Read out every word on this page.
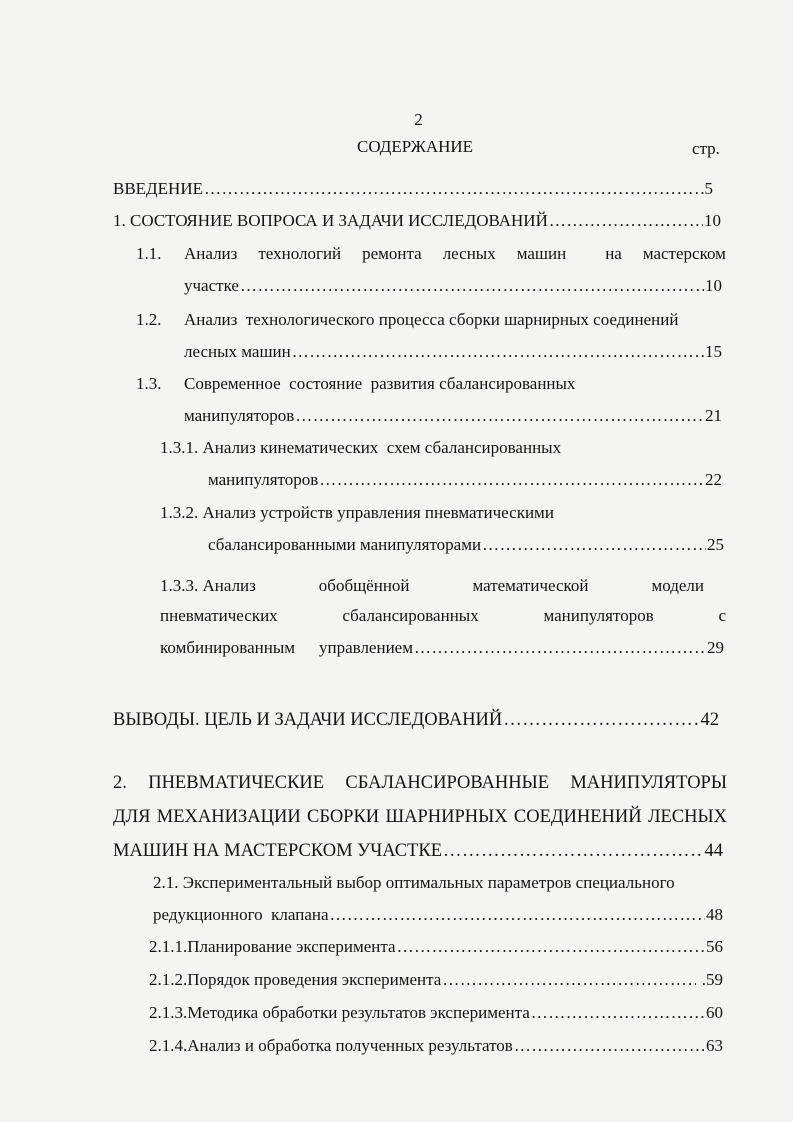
2
СОДЕРЖАНИЕ	стр.
ВВЕДЕНИЕ …………………………………………………………………………………………………………………………………………………………………………………………	5
1. СОСТОЯНИЕ ВОПРОСА И ЗАДАЧИ ИССЛЕДОВАНИЙ …………………………………………………………………………………………………………………………………………………………………………………………	10
1.1. Анализ технологий ремонта лесных машин на мастерском
участке …………………………………………………………………………………………………………………………………………………………………………………………	10
1.2. Анализ  технологического процесса сборки шарнирных соединений
лесных машин …………………………………………………………………………………………………………………………………………………………………………………………	15
1.3. Современное  состояние  развития сбалансированных
манипуляторов …………………………………………………………………………………………………………………………………………………………………………………………	21
1.3.1. Анализ кинематических  схем сбалансированных
манипуляторов …………………………………………………………………………………………………………………………………………………………………………………………	22
1.3.2. Анализ устройств управления пневматическими
сбалансированными манипуляторами …………………………………………………………………………………………………………………………………………………………………………………………	25
1.3.3. Анализ	обобщённой	математической	модели
пневматических	сбалансированных	манипуляторов	с
комбинированным управлением …………………………………………………………………………………………………………………………………………………………………………………………	29
ВЫВОДЫ. ЦЕЛЬ И ЗАДАЧИ ИССЛЕДОВАНИЙ …………………………………………………………………………………………………………………………………………………………………………………………	42
2. ПНЕВМАТИЧЕСКИЕ СБАЛАНСИРОВАННЫЕ МАНИПУЛЯТОРЫ
ДЛЯ МЕХАНИЗАЦИИ СБОРКИ ШАРНИРНЫХ СОЕДИНЕНИЙ ЛЕСНЫХ
МАШИН НА МАСТЕРСКОМ УЧАСТКЕ …………………………………………………………………………………………………………………………………………………………………………………………	44
2.1. Экспериментальный выбор оптимальных параметров специального
редукционного  клапана …………………………………………………………………………………………………………………………………………………………………………………………	48
2.1.1.Планирование эксперимента …………………………………………………………………………………………………………………………………………………………………………………………	56
2.1.2.Порядок проведения эксперимента …………………………………………………………………………………………………………………………………………………………………………………………	.59
2.1.3.Методика обработки результатов эксперимента …………………………………………………………………………………………………………………………………………………………………………………………	60
2.1.4.Анализ и обработка полученных результатов …………………………………………………………………………………………………………………………………………………………………………………………	63
